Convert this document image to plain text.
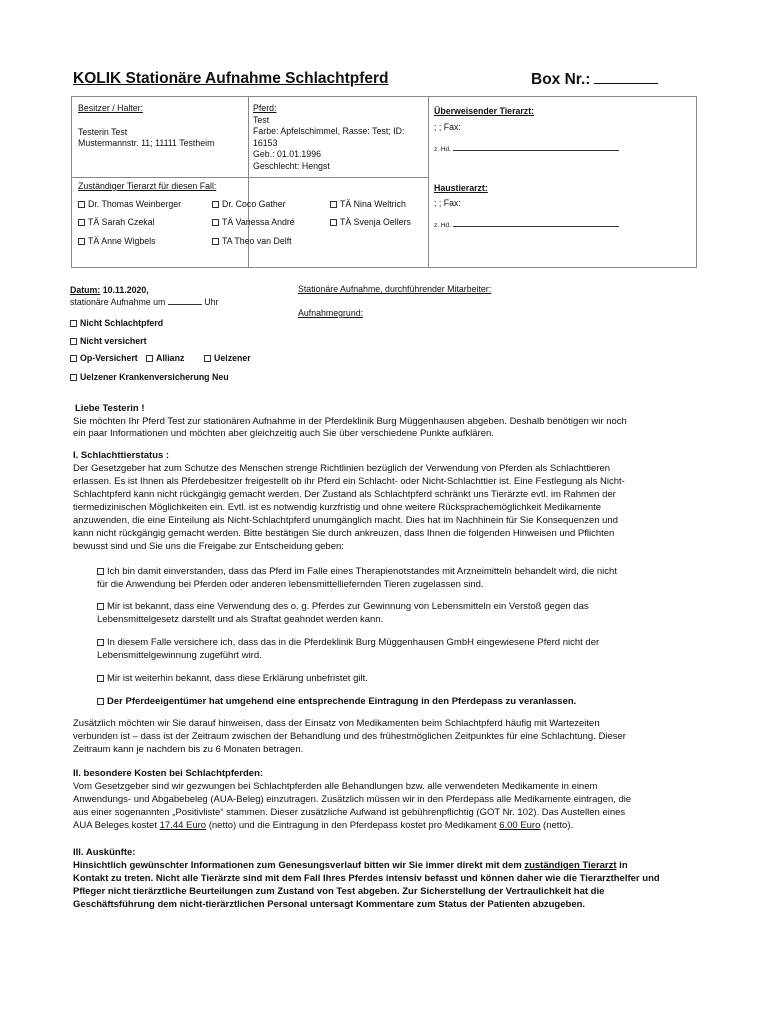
KOLIK Stationäre Aufnahme Schlachtpferd	Box Nr.:
Besitzer / Halter:
Testerin Test
Mustermannstr. 11; 11111 Testheim
Pferd:
Test
Farbe: Apfelschimmel, Rasse: Test; ID:
16153
Geb.: 01.01.1996
Geschlecht: Hengst
Überweisender Tierarzt:
; ; Fax:
z. Hd.
Haustierarzt:
; ; Fax:
z. Hd.
Zuständiger Tierarzt für diesen Fall:
Dr. Thomas Weinberger	Dr. Coco Gather	TÄ Nina Weltrich
TÄ Sarah Czekal	TÄ Vanessa André	TÄ Svenja Oellers
TÄ Anne Wigbels	TA Theo van Delft
Datum: 10.11.2020,
stationäre Aufnahme um	Uhr
Stationäre Aufnahme, durchführender Mitarbeiter:
Aufnahmegrund:
Nicht Schlachtpferd
Nicht versichert
Op-Versichert	Allianz	Uelzener
Uelzener Krankenversicherung Neu
Liebe Testerin !
Sie möchten Ihr Pferd Test zur stationären Aufnahme in der Pferdeklinik Burg Müggenhausen abgeben. Deshalb benötigen wir noch
ein paar Informationen und möchten aber gleichzeitig auch Sie über verschiedene Punkte aufklären.
I. Schlachttierstatus :
Der Gesetzgeber hat zum Schutze des Menschen strenge Richtlinien bezüglich der Verwendung von Pferden als Schlachttieren
erlassen. Es ist Ihnen als Pferdebesitzer freigestellt ob ihr Pferd ein Schlacht- oder Nicht-Schlachttier ist. Eine Festlegung als Nicht-
Schlachtpferd kann nicht rückgängig gemacht werden. Der Zustand als Schlachtpferd schränkt uns Tierärzte evtl. im Rahmen der
tiermedizinischen Möglichkeiten ein. Evtl. ist es notwendig kurzfristig und ohne weitere Rücksprachemöglichkeit Medikamente
anzuwenden, die eine Einteilung als Nicht-Schlachtpferd unumgänglich macht. Dies hat im Nachhinein für Sie Konsequenzen und
kann nicht rückgängig gemacht werden. Bitte bestätigen Sie durch ankreuzen, dass Ihnen die folgenden Hinweisen und Pflichten
bewusst sind und Sie uns die Freigabe zur Entscheidung geben:
Ich bin damit einverstanden, dass das Pferd im Falle eines Therapienotstandes mit Arzneimitteln behandelt wird, die nicht
für die Anwendung bei Pferden oder anderen lebensmittelliefernden Tieren zugelassen sind.
Mir ist bekannt, dass eine Verwendung des o. g. Pferdes zur Gewinnung von Lebensmitteln ein Verstoß gegen das
Lebensmittelgesetz darstellt und als Straftat geahndet werden kann.
In diesem Falle versichere ich, dass das in die Pferdeklinik Burg Müggenhausen GmbH eingewiesene Pferd nicht der
Lebensmittelgewinnung zugeführt wird.
Mir ist weiterhin bekannt, dass diese Erklärung unbefristet gilt.
Der Pferdeeigentümer hat umgehend eine entsprechende Eintragung in den Pferdepass zu veranlassen.
Zusätzlich möchten wir Sie darauf hinweisen, dass der Einsatz von Medikamenten beim Schlachtpferd häufig mit Wartezeiten
verbunden ist – dass ist der Zeitraum zwischen der Behandlung und des frühestmöglichen Zeitpunktes für eine Schlachtung. Dieser
Zeitraum kann je nachdem bis zu 6 Monaten betragen.
II. besondere Kosten bei Schlachtpferden:
Vom Gesetzgeber sind wir gezwungen bei Schlachtpferden alle Behandlungen bzw. alle verwendeten Medikamente in einem
Anwendungs- und Abgabebeleg (AUA-Beleg) einzutragen. Zusätzlich müssen wir in den Pferdepass alle Medikamente eintragen, die
aus einer sogenannten „Positivliste“ stammen. Dieser zusätzliche Aufwand ist gebührenpflichtig (GOT Nr. 102). Das Austellen eines
AUA Beleges kostet 17.44 Euro (netto) und die Eintragung in den Pferdepass kostet pro Medikament 6.00 Euro (netto).
III. Auskünfte:
Hinsichtlich gewünschter Informationen zum Genesungsverlauf bitten wir Sie immer direkt mit dem zuständigen Tierarzt in
Kontakt zu treten. Nicht alle Tierärzte sind mit dem Fall Ihres Pferdes intensiv befasst und können daher wie die Tierarzthelfer und
Pfleger nicht tierärztliche Beurteilungen zum Zustand von Test abgeben. Zur Sicherstellung der Vertraulichkeit hat die
Geschäftsführung dem nicht-tierärztlichen Personal untersagt Kommentare zum Status der Patienten abzugeben.
